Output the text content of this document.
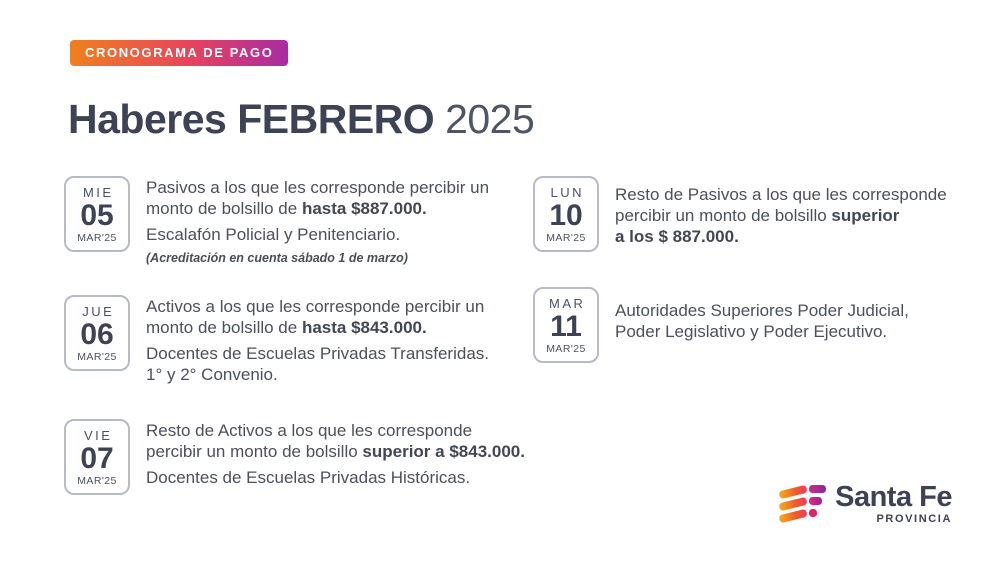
CRONOGRAMA DE PAGO
Haberes FEBRERO 2025
MIE
05
MAR'25

Pasivos a los que les corresponde percibir un
monto de bolsillo de hasta $887.000.

Escalafón Policial y Penitenciario.

(Acreditación en cuenta sábado 1 de marzo)

JUE
06
MAR'25

Activos a los que les corresponde percibir un
monto de bolsillo de hasta $843.000.

Docentes de Escuelas Privadas Transferidas.
1° y 2° Convenio.

VIE
07
MAR'25

Resto de Activos a los que les corresponde
percibir un monto de bolsillo superior a $843.000.

Docentes de Escuelas Privadas Históricas.

LUN
10
MAR'25

Resto de Pasivos a los que les corresponde
percibir un monto de bolsillo superior
a los $ 887.000.

MAR
11
MAR'25

Autoridades Superiores Poder Judicial,
Poder Legislativo y Poder Ejecutivo.

Santa Fe
PROVINCIA
